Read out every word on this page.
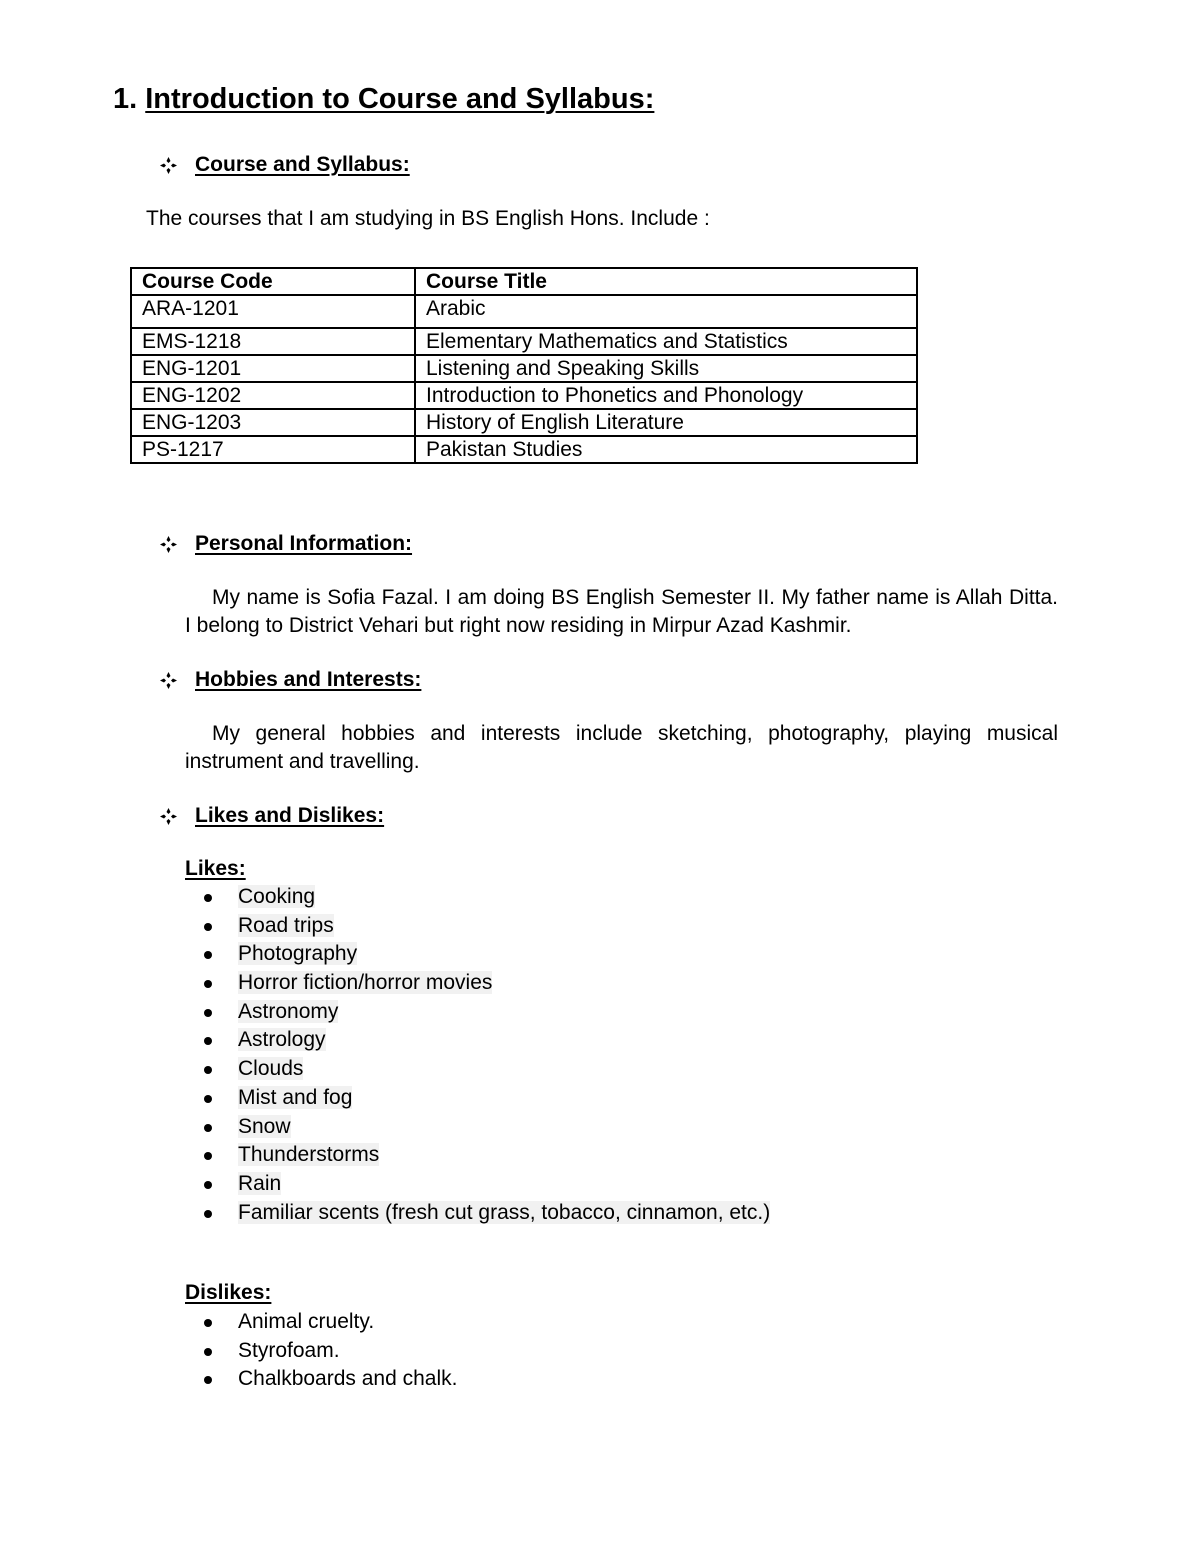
1. Introduction to Course and Syllabus:
Course and Syllabus:
The courses that I am studying in BS English Hons. Include :
Course Code	Course Title
ARA-1201	Arabic
EMS-1218	Elementary Mathematics and Statistics
ENG-1201	Listening and Speaking Skills
ENG-1202	Introduction to Phonetics and Phonology
ENG-1203	History of English Literature
PS-1217	Pakistan Studies
Personal Information:
My name is Sofia Fazal. I am doing BS English Semester II. My father name is Allah Ditta. I belong to District Vehari but right now residing in Mirpur Azad Kashmir.
Hobbies and Interests:
My general hobbies and interests include sketching, photography, playing musical instrument and travelling.
Likes and Dislikes:
Likes:
Cooking
Road trips
Photography
Horror fiction/horror movies
Astronomy
Astrology
Clouds
Mist and fog
Snow
Thunderstorms
Rain
Familiar scents (fresh cut grass, tobacco, cinnamon, etc.)
Dislikes:
Animal cruelty.
Styrofoam.
Chalkboards and chalk.
